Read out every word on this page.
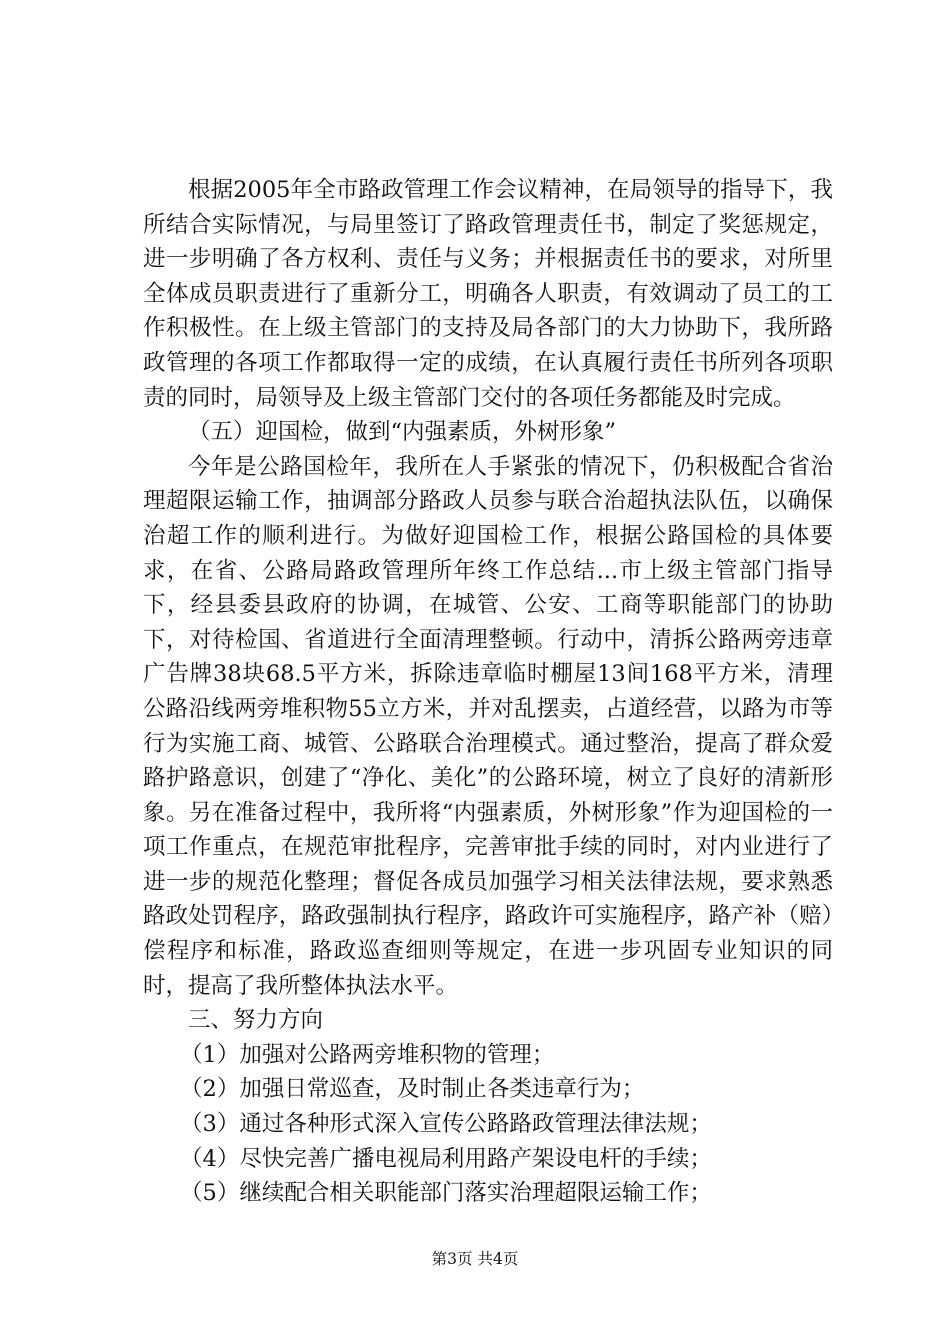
根据2005年全市路政管理工作会议精神，在局领导的指导下，我所结合实际情况，与局里签订了路政管理责任书，制定了奖惩规定，进一步明确了各方权利、责任与义务；并根据责任书的要求，对所里全体成员职责进行了重新分工，明确各人职责，有效调动了员工的工作积极性。在上级主管部门的支持及局各部门的大力协助下，我所路政管理的各项工作都取得一定的成绩，在认真履行责任书所列各项职责的同时，局领导及上级主管部门交付的各项任务都能及时完成。

（五）迎国检，做到“内强素质，外树形象”

今年是公路国检年，我所在人手紧张的情况下，仍积极配合省治理超限运输工作，抽调部分路政人员参与联合治超执法队伍，以确保治超工作的顺利进行。为做好迎国检工作，根据公路国检的具体要求，在省、公路局路政管理所年终工作总结...市上级主管部门指导下，经县委县政府的协调，在城管、公安、工商等职能部门的协助下，对待检国、省道进行全面清理整顿。行动中，清拆公路两旁违章广告牌38块68.5平方米，拆除违章临时棚屋13间168平方米，清理公路沿线两旁堆积物55立方米，并对乱摆卖，占道经营，以路为市等行为实施工商、城管、公路联合治理模式。通过整治，提高了群众爱路护路意识，创建了“净化、美化”的公路环境，树立了良好的清新形象。另在准备过程中，我所将“内强素质，外树形象”作为迎国检的一项工作重点，在规范审批程序，完善审批手续的同时，对内业进行了进一步的规范化整理；督促各成员加强学习相关法律法规，要求熟悉路政处罚程序，路政强制执行程序，路政许可实施程序，路产补（赔）偿程序和标准，路政巡查细则等规定，在进一步巩固专业知识的同时，提高了我所整体执法水平。

三、努力方向

（1）加强对公路两旁堆积物的管理；

（2）加强日常巡查，及时制止各类违章行为；

（3）通过各种形式深入宣传公路路政管理法律法规；

（4）尽快完善广播电视局利用路产架设电杆的手续；

（5）继续配合相关职能部门落实治理超限运输工作；

第3页 共4页
